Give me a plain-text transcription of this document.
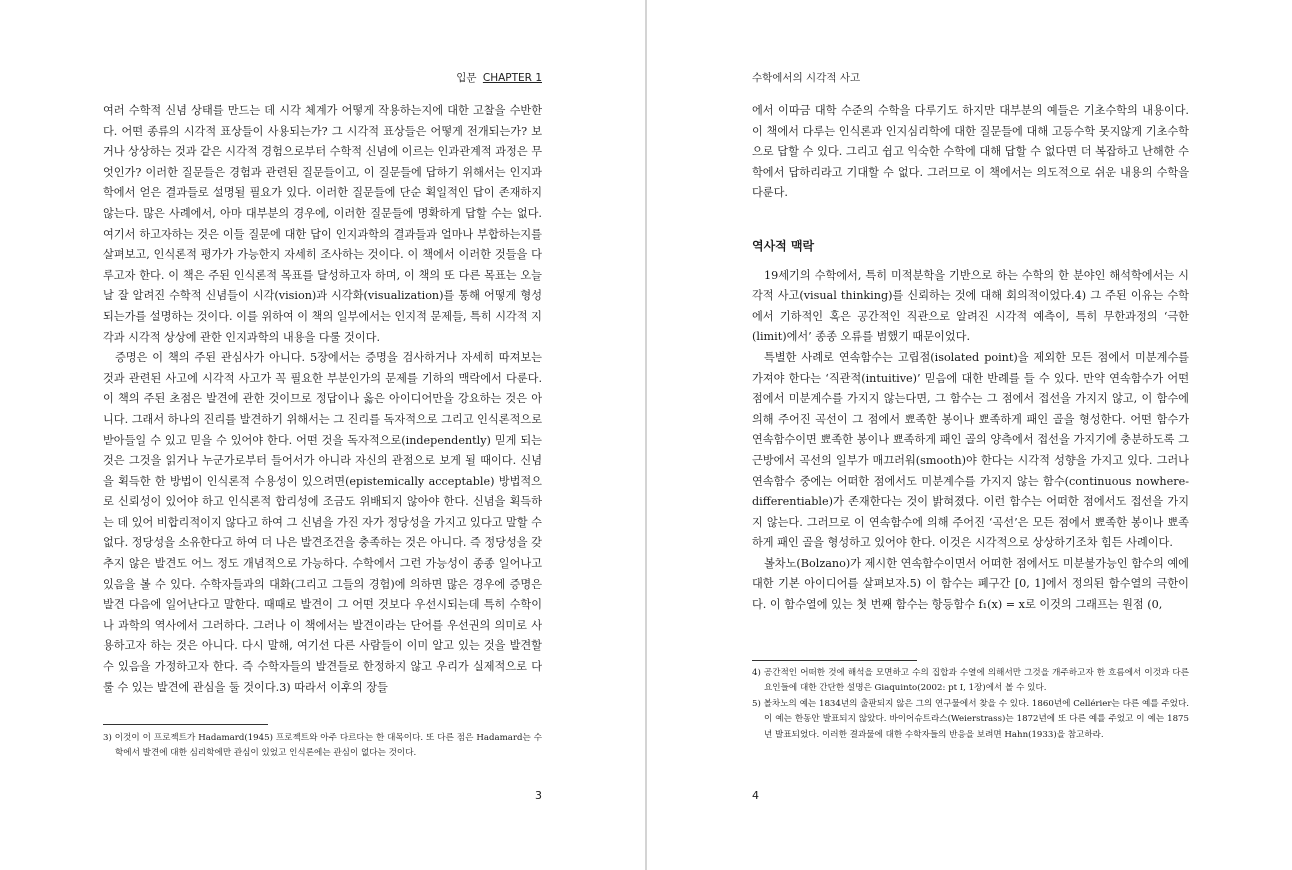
입문 CHAPTER 1

여러 수학적 신념 상태를 만드는 데 시각 체계가 어떻게 작용하는지에 대한 고찰을 수반한다. 어떤 종류의 시각적 표상들이 사용되는가? 그 시각적 표상들은 어떻게 전개되는가? 보거나 상상하는 것과 같은 시각적 경험으로부터 수학적 신념에 이르는 인과관계적 과정은 무엇인가? 이러한 질문들은 경험과 관련된 질문들이고, 이 질문들에 답하기 위해서는 인지과학에서 얻은 결과들로 설명될 필요가 있다. 이러한 질문들에 단순 획일적인 답이 존재하지 않는다. 많은 사례에서, 아마 대부분의 경우에, 이러한 질문들에 명확하게 답할 수는 없다. 여기서 하고자하는 것은 이들 질문에 대한 답이 인지과학의 결과들과 얼마나 부합하는지를 살펴보고, 인식론적 평가가 가능한지 자세히 조사하는 것이다. 이 책에서 이러한 것들을 다루고자 한다. 이 책은 주된 인식론적 목표를 달성하고자 하며, 이 책의 또 다른 목표는 오늘날 잘 알려진 수학적 신념들이 시각(vision)과 시각화(visualization)를 통해 어떻게 형성되는가를 설명하는 것이다. 이를 위하여 이 책의 일부에서는 인지적 문제들, 특히 시각적 지각과 시각적 상상에 관한 인지과학의 내용을 다룰 것이다.

증명은 이 책의 주된 관심사가 아니다. 5장에서는 증명을 검사하거나 자세히 따져보는 것과 관련된 사고에 시각적 사고가 꼭 필요한 부분인가의 문제를 기하의 맥락에서 다룬다. 이 책의 주된 초점은 발견에 관한 것이므로 정답이나 옳은 아이디어만을 강요하는 것은 아니다. 그래서 하나의 진리를 발견하기 위해서는 그 진리를 독자적으로 그리고 인식론적으로 받아들일 수 있고 믿을 수 있어야 한다. 어떤 것을 독자적으로(independently) 믿게 되는 것은 그것을 읽거나 누군가로부터 들어서가 아니라 자신의 관점으로 보게 될 때이다. 신념을 획득한 한 방법이 인식론적 수용성이 있으려면(epistemically acceptable) 방법적으로 신뢰성이 있어야 하고 인식론적 합리성에 조금도 위배되지 않아야 한다. 신념을 획득하는 데 있어 비합리적이지 않다고 하여 그 신념을 가진 자가 정당성을 가지고 있다고 말할 수 없다. 정당성을 소유한다고 하여 더 나은 발견조건을 충족하는 것은 아니다. 즉 정당성을 갖추지 않은 발견도 어느 정도 개념적으로 가능하다. 수학에서 그런 가능성이 종종 일어나고 있음을 볼 수 있다. 수학자들과의 대화(그리고 그들의 경험)에 의하면 많은 경우에 증명은 발견 다음에 일어난다고 말한다. 때때로 발견이 그 어떤 것보다 우선시되는데 특히 수학이나 과학의 역사에서 그러하다. 그러나 이 책에서는 발견이라는 단어를 우선권의 의미로 사용하고자 하는 것은 아니다. 다시 말해, 여기선 다른 사람들이 이미 알고 있는 것을 발견할 수 있음을 가정하고자 한다. 즉 수학자들의 발견들로 한정하지 않고 우리가 실제적으로 다룰 수 있는 발견에 관심을 둘 것이다.3) 따라서 이후의 장들

3) 이것이 이 프로젝트가 Hadamard(1945) 프로젝트와 아주 다르다는 한 대목이다. 또 다른 점은 Hadamard는 수학에서 발견에 대한 심리학에만 관심이 있었고 인식론에는 관심이 없다는 것이다.

3
수학에서의 시각적 사고

에서 이따금 대학 수준의 수학을 다루기도 하지만 대부분의 예들은 기초수학의 내용이다. 이 책에서 다루는 인식론과 인지심리학에 대한 질문들에 대해 고등수학 못지않게 기초수학으로 답할 수 있다. 그리고 쉽고 익숙한 수학에 대해 답할 수 없다면 더 복잡하고 난해한 수학에서 답하리라고 기대할 수 없다. 그러므로 이 책에서는 의도적으로 쉬운 내용의 수학을 다룬다.

역사적 맥락

19세기의 수학에서, 특히 미적분학을 기반으로 하는 수학의 한 분야인 해석학에서는 시각적 사고(visual thinking)를 신뢰하는 것에 대해 회의적이었다.4) 그 주된 이유는 수학에서 기하적인 혹은 공간적인 직관으로 알려진 시각적 예측이, 특히 무한과정의 ‘극한(limit)에서’ 종종 오류를 범했기 때문이었다.

특별한 사례로 연속함수는 고립점(isolated point)을 제외한 모든 점에서 미분계수를 가져야 한다는 ‘직관적(intuitive)’ 믿음에 대한 반례를 들 수 있다. 만약 연속함수가 어떤 점에서 미분계수를 가지지 않는다면, 그 함수는 그 점에서 접선을 가지지 않고, 이 함수에 의해 주어진 곡선이 그 점에서 뾰족한 봉이나 뾰족하게 패인 골을 형성한다. 어떤 함수가 연속함수이면 뾰족한 봉이나 뾰족하게 패인 골의 양측에서 접선을 가지기에 충분하도록 그 근방에서 곡선의 일부가 매끄러워(smooth)야 한다는 시각적 성향을 가지고 있다. 그러나 연속함수 중에는 어떠한 점에서도 미분계수를 가지지 않는 함수(continuous nowhere-differentiable)가 존재한다는 것이 밝혀졌다. 이런 함수는 어떠한 점에서도 접선을 가지지 않는다. 그러므로 이 연속함수에 의해 주어진 ‘곡선’은 모든 점에서 뾰족한 봉이나 뾰족하게 패인 골을 형성하고 있어야 한다. 이것은 시각적으로 상상하기조차 힘든 사례이다.

볼차노(Bolzano)가 제시한 연속함수이면서 어떠한 점에서도 미분불가능인 함수의 예에 대한 기본 아이디어를 살펴보자.5) 이 함수는 폐구간 [0, 1]에서 정의된 함수열의 극한이다. 이 함수열에 있는 첫 번째 함수는 항등함수 f₁(x) = x로 이것의 그래프는 원점 (0,

4) 공간적인 어떠한 것에 해석을 모면하고 수의 집합과 수열에 의해서만 그것을 개주하고자 한 흐름에서 이것과 다른 요인들에 대한 간단한 설명은 Giaquinto(2002: pt I, 1장)에서 볼 수 있다.

5) 볼차노의 예는 1834년의 출판되지 않은 그의 연구물에서 찾을 수 있다. 1860년에 Cellérier는 다른 예를 주었다. 이 예는 한동안 발표되지 않았다. 바이어슈트라스(Weierstrass)는 1872년에 또 다른 예를 주었고 이 예는 1875년 발표되었다. 이러한 결과물에 대한 수학자들의 반응을 보려면 Hahn(1933)을 참고하라.

4
